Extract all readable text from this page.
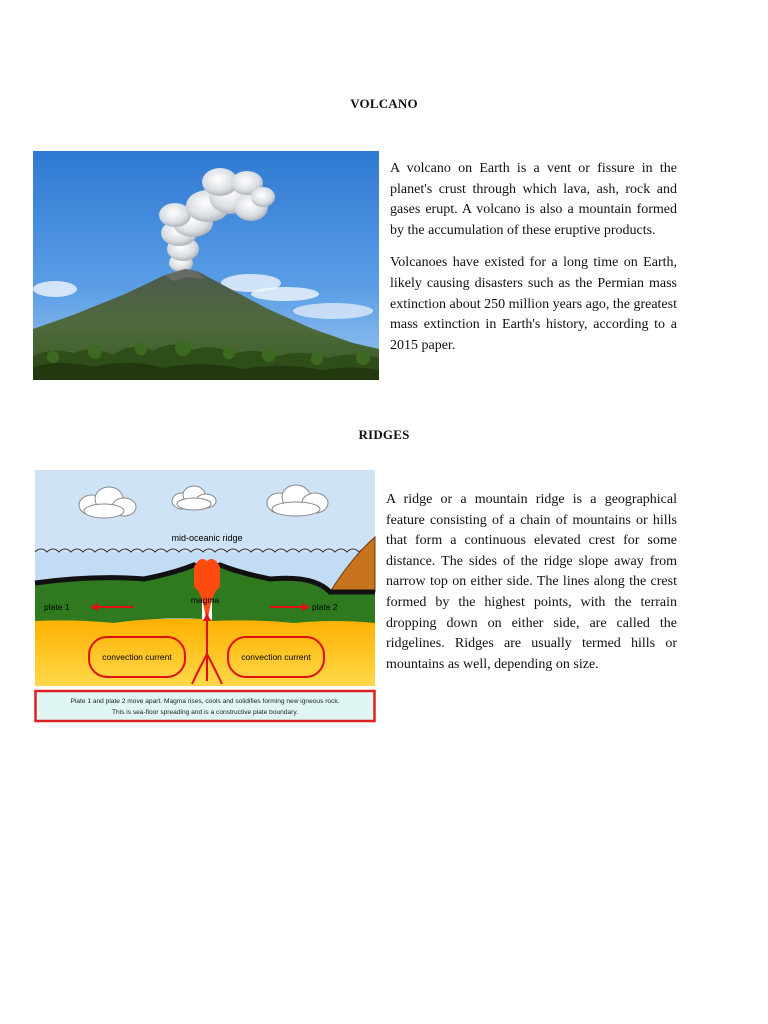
VOLCANO

A volcano on Earth is a vent or fissure in the planet's crust through which lava, ash, rock and gases erupt. A volcano is also a mountain formed by the accumulation of these eruptive products.

Volcanoes have existed for a long time on Earth, likely causing disasters such as the Permian mass extinction about 250 million years ago, the greatest mass extinction in Earth's history, according to a 2015 paper.

RIDGES
mid-oceanic ridge
magma
plate 1	plate 2
convection current	convection current
Plate 1 and plate 2 move apart. Magma rises, cools and solidifies forming new igneous rock.
This is sea-floor spreading and is a constructive plate boundary.

A ridge or a mountain ridge is a geographical feature consisting of a chain of mountains or hills that form a continuous elevated crest for some distance. The sides of the ridge slope away from narrow top on either side. The lines along the crest formed by the highest points, with the terrain dropping down on either side, are called the ridgelines. Ridges are usually termed hills or mountains as well, depending on size.
